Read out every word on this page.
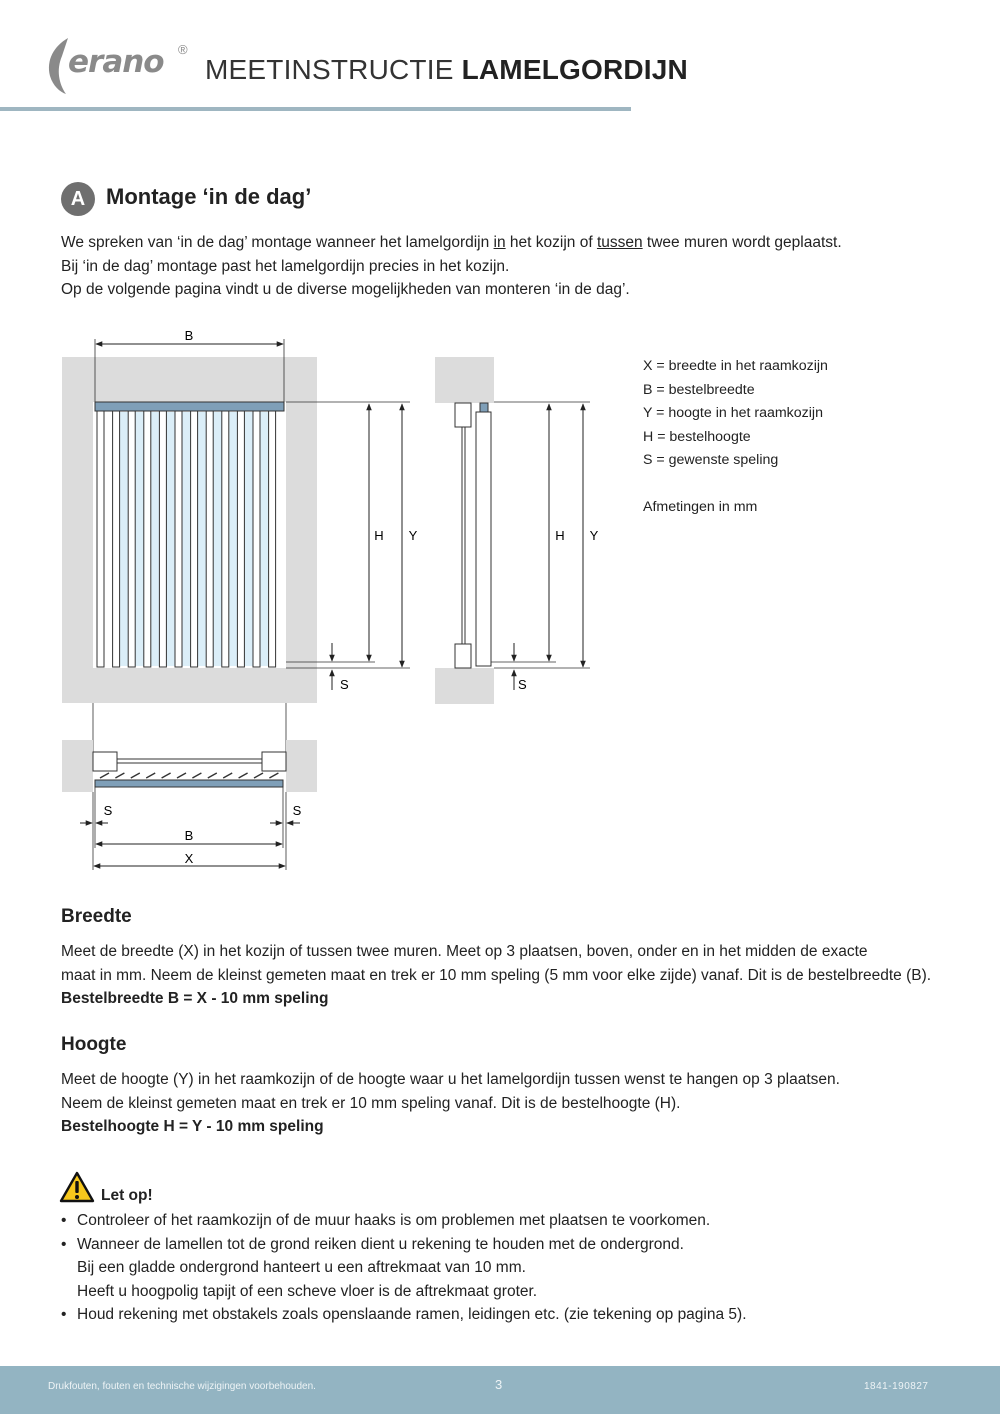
erano ®
MEETINSTRUCTIE LAMELGORDIJN
A Montage ‘in de dag’
We spreken van ‘in de dag’ montage wanneer het lamelgordijn in het kozijn of tussen twee muren wordt geplaatst.
Bij ‘in de dag’ montage past het lamelgordijn precies in het kozijn.
Op de volgende pagina vindt u de diverse mogelijkheden van monteren ‘in de dag’.
B
H Y
S
H Y
S
S	S
B
X
X = breedte in het raamkozijn
B = bestelbreedte
Y = hoogte in het raamkozijn
H = bestelhoogte
S = gewenste speling
Afmetingen in mm
Breedte
Meet de breedte (X) in het kozijn of tussen twee muren. Meet op 3 plaatsen, boven, onder en in het midden de exacte
maat in mm. Neem de kleinst gemeten maat en trek er 10 mm speling (5 mm voor elke zijde) vanaf. Dit is de bestelbreedte (B).
Bestelbreedte B = X - 10 mm speling
Hoogte
Meet de hoogte (Y) in het raamkozijn of de hoogte waar u het lamelgordijn tussen wenst te hangen op 3 plaatsen.
Neem de kleinst gemeten maat en trek er 10 mm speling vanaf. Dit is de bestelhoogte (H).
Bestelhoogte H = Y - 10 mm speling
Let op!
• Controleer of het raamkozijn of de muur haaks is om problemen met plaatsen te voorkomen.
• Wanneer de lamellen tot de grond reiken dient u rekening te houden met de ondergrond.
Bij een gladde ondergrond hanteert u een aftrekmaat van 10 mm.
Heeft u hoogpolig tapijt of een scheve vloer is de aftrekmaat groter.
• Houd rekening met obstakels zoals openslaande ramen, leidingen etc. (zie tekening op pagina 5).
Drukfouten, fouten en technische wijzigingen voorbehouden.	3	1841-190827
